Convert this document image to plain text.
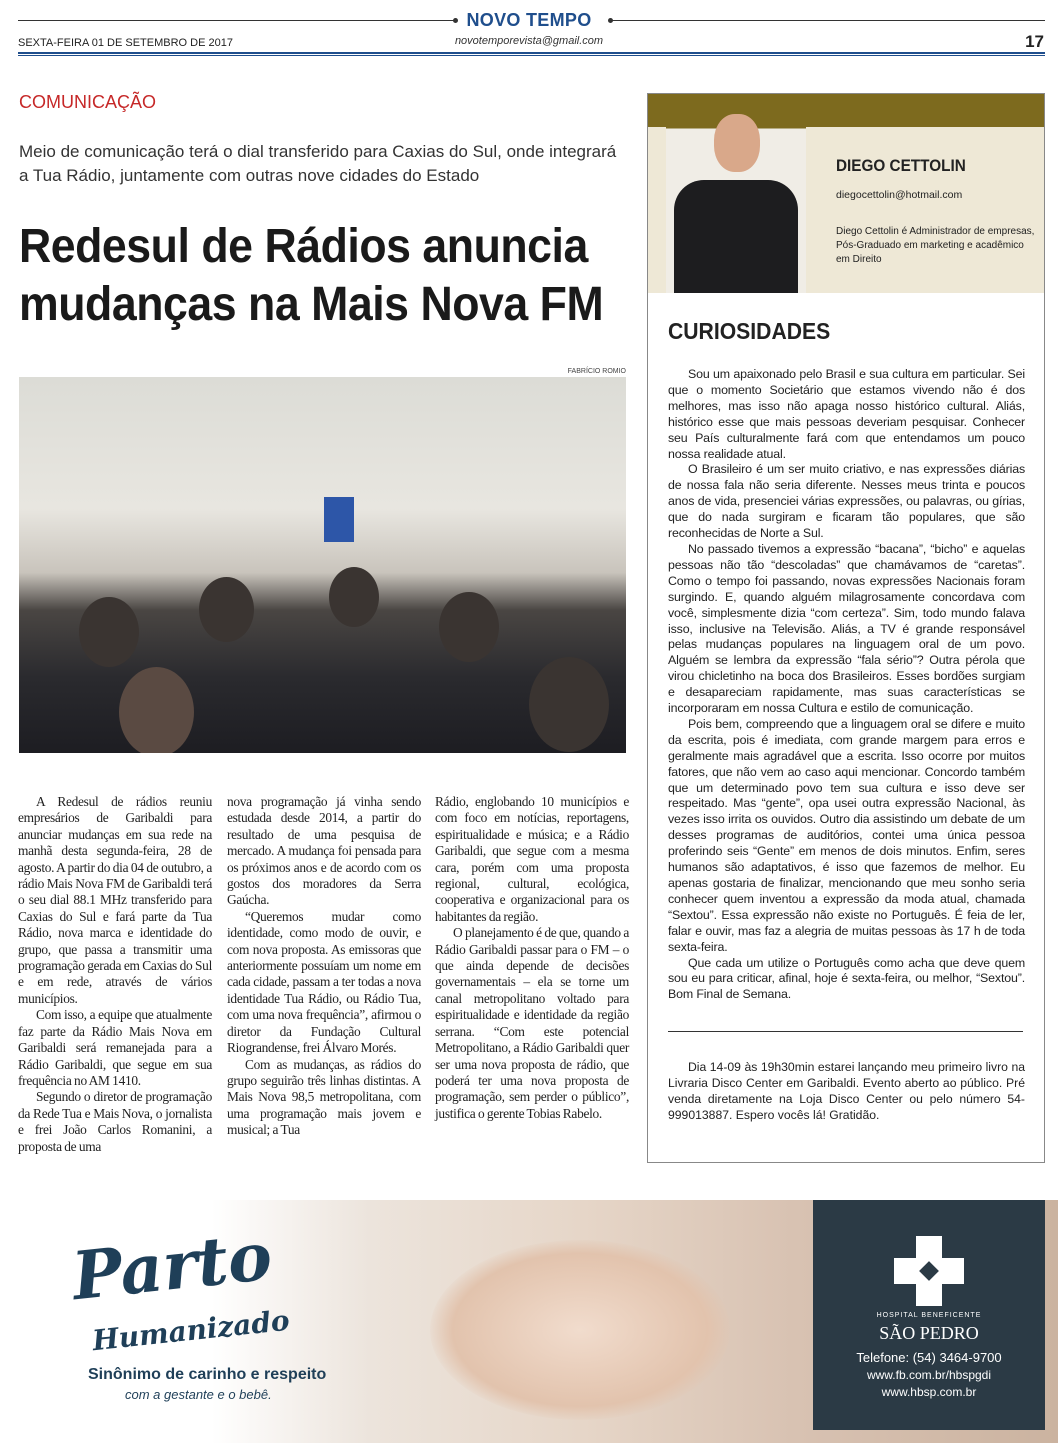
NOVO TEMPO
novotemporevista@gmail.com
SEXTA-FEIRA 01 DE SETEMBRO DE 2017	17
COMUNICAÇÃO
Meio de comunicação terá o dial transferido para Caxias do Sul, onde integrará a Tua Rádio, juntamente com outras nove cidades do Estado
Redesul de Rádios anuncia mudanças na Mais Nova FM
FABRÍCIO ROMIO

A Redesul de rádios reuniu empresários de Garibaldi para anunciar mudanças em sua rede na manhã desta segunda-feira, 28 de agosto. A partir do dia 04 de outubro, a rádio Mais Nova FM de Garibaldi terá o seu dial 88.1 MHz transferido para Caxias do Sul e fará parte da Tua Rádio, nova marca e identidade do grupo, que passa a transmitir uma programação gerada em Caxias do Sul e em rede, através de vários municípios.

Com isso, a equipe que atualmente faz parte da Rádio Mais Nova em Garibaldi será remanejada para a Rádio Garibaldi, que segue em sua frequência no AM 1410.

Segundo o diretor de programação da Rede Tua e Mais Nova, o jornalista e frei João Carlos Romanini, a proposta de uma

nova programação já vinha sendo estudada desde 2014, a partir do resultado de uma pesquisa de mercado. A mudança foi pensada para os próximos anos e de acordo com os gostos dos moradores da Serra Gaúcha.

“Queremos mudar como identidade, como modo de ouvir, e com nova proposta. As emissoras que anteriormente possuíam um nome em cada cidade, passam a ter todas a nova identidade Tua Rádio, ou Rádio Tua, com uma nova frequência”, afirmou o diretor da Fundação Cultural Riograndense, frei Álvaro Morés.

Com as mudanças, as rádios do grupo seguirão três linhas distintas. A Mais Nova 98,5 metropolitana, com uma programação mais jovem e musical; a Tua

Rádio, englobando 10 municípios e com foco em notícias, reportagens, espiritualidade e música; e a Rádio Garibaldi, que segue com a mesma cara, porém com uma proposta regional, cultural, ecológica, cooperativa e organizacional para os habitantes da região.

O planejamento é de que, quando a Rádio Garibaldi passar para o FM – o que ainda depende de decisões governamentais – ela se torne um canal metropolitano voltado para espiritualidade e identidade da região serrana. “Com este potencial Metropolitano, a Rádio Garibaldi quer ser uma nova proposta de rádio, que poderá ter uma nova proposta de programação, sem perder o público”, justifica o gerente Tobias Rabelo.

DIEGO CETTOLIN
diegocettolin@hotmail.com
Diego Cettolin é Administrador de empresas, Pós-Graduado em marketing e acadêmico em Direito
CURIOSIDADES

Sou um apaixonado pelo Brasil e sua cultura em particular. Sei que o momento Societário que estamos vivendo não é dos melhores, mas isso não apaga nosso histórico cultural. Aliás, histórico esse que mais pessoas deveriam pesquisar. Conhecer seu País culturalmente fará com que entendamos um pouco nossa realidade atual.

O Brasileiro é um ser muito criativo, e nas expressões diárias de nossa fala não seria diferente. Nesses meus trinta e poucos anos de vida, presenciei várias expressões, ou palavras, ou gírias, que do nada surgiram e ficaram tão populares, que são reconhecidas de Norte a Sul.

No passado tivemos a expressão “bacana”, “bicho” e aquelas pessoas não tão “descoladas” que chamávamos de “caretas”. Como o tempo foi passando, novas expressões Nacionais foram surgindo. E, quando alguém milagrosamente concordava com você, simplesmente dizia “com certeza”. Sim, todo mundo falava isso, inclusive na Televisão. Aliás, a TV é grande responsável pelas mudanças populares na linguagem oral de um povo. Alguém se lembra da expressão “fala sério”? Outra pérola que virou chicletinho na boca dos Brasileiros. Esses bordões surgiam e desapareciam rapidamente, mas suas características se incorporaram em nossa Cultura e estilo de comunicação.

Pois bem, compreendo que a linguagem oral se difere e muito da escrita, pois é imediata, com grande margem para erros e geralmente mais agradável que a escrita. Isso ocorre por muitos fatores, que não vem ao caso aqui mencionar. Concordo também que um determinado povo tem sua cultura e isso deve ser respeitado. Mas “gente”, opa usei outra expressão Nacional, às vezes isso irrita os ouvidos. Outro dia assistindo um debate de um desses programas de auditórios, contei uma única pessoa proferindo seis “Gente” em menos de dois minutos. Enfim, seres humanos são adaptativos, é isso que fazemos de melhor. Eu apenas gostaria de finalizar, mencionando que meu sonho seria conhecer quem inventou a expressão da moda atual, chamada “Sextou”. Essa expressão não existe no Português. É feia de ler, falar e ouvir, mas faz a alegria de muitas pessoas às 17 h de toda sexta-feira.

Que cada um utilize o Português como acha que deve quem sou eu para criticar, afinal, hoje é sexta-feira, ou melhor, “Sextou”. Bom Final de Semana.

Dia 14-09 às 19h30min estarei lançando meu primeiro livro na Livraria Disco Center em Garibaldi. Evento aberto ao público. Pré venda diretamente na Loja Disco Center ou pelo número 54-999013887. Espero vocês lá! Gratidão.
Parto
Humanizado
Sinônimo de carinho e respeito
com a gestante e o bebê.
HOSPITAL BENEFICENTE
SÃO PEDRO
Telefone: (54) 3464-9700
www.fb.com.br/hbspgdi
www.hbsp.com.br
